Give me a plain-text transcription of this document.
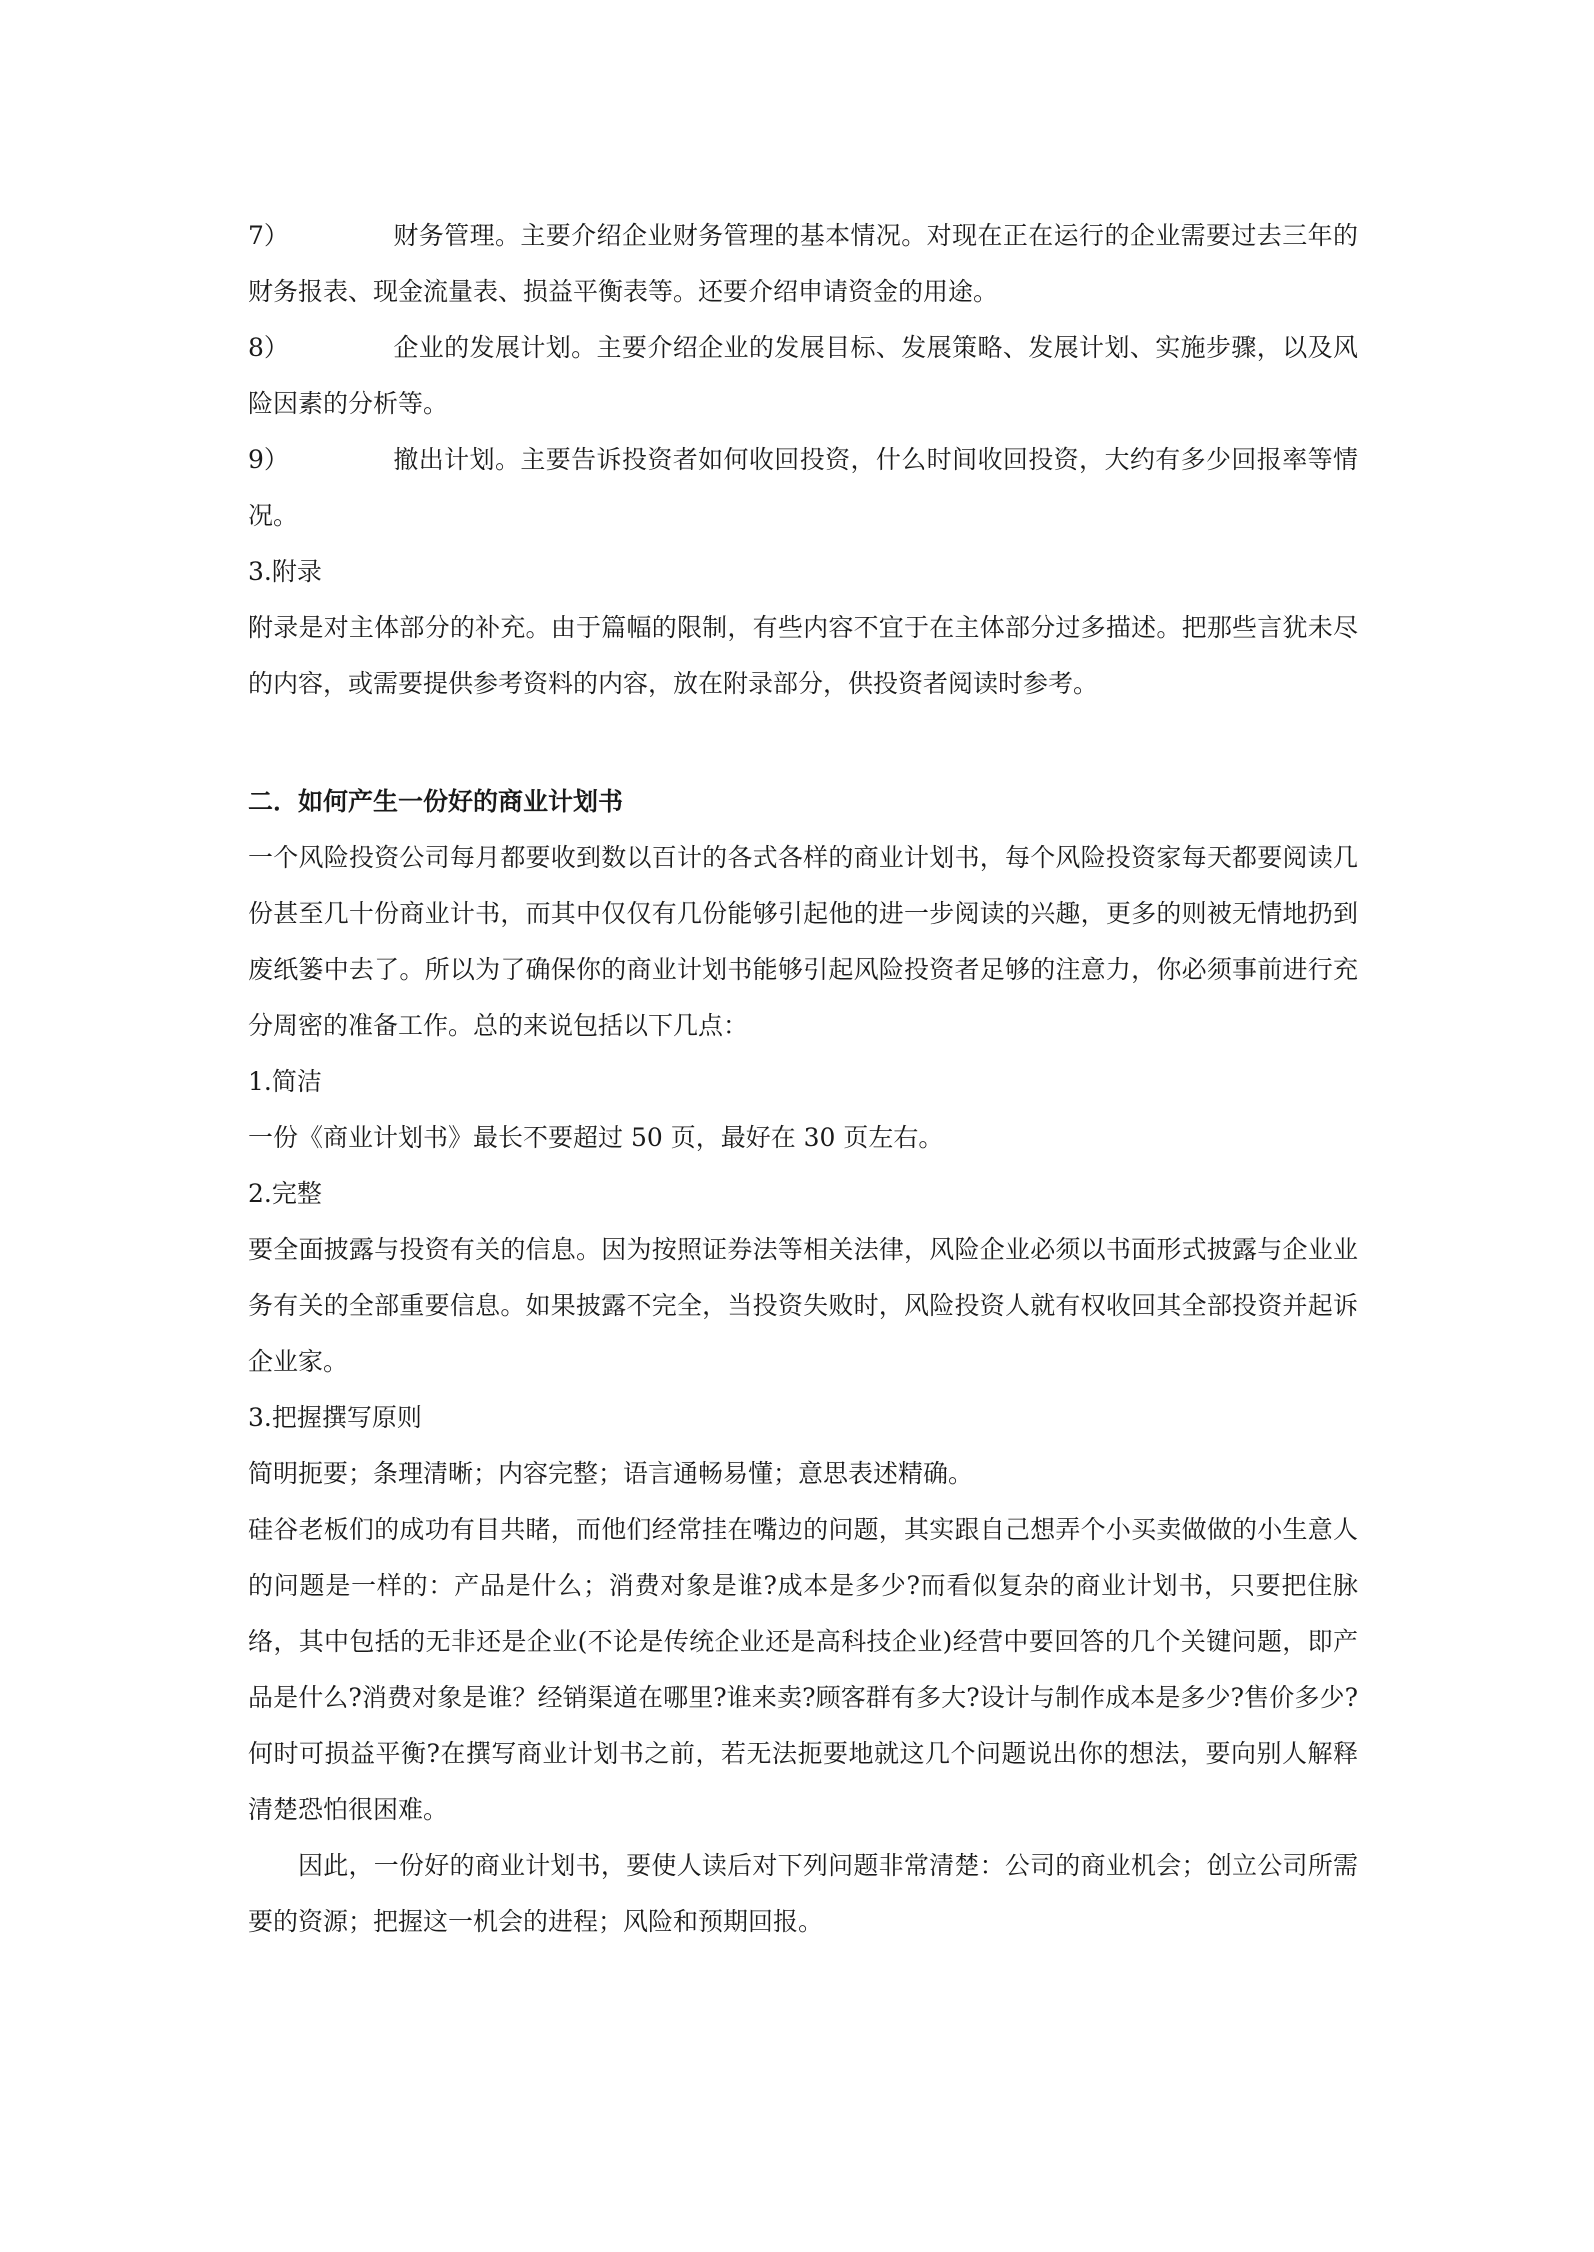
7）	财务管理。主要介绍企业财务管理的基本情况。对现在正在运行的企业需要过去三年的财务报表、现金流量表、损益平衡表等。还要介绍申请资金的用途。

8）	企业的发展计划。主要介绍企业的发展目标、发展策略、发展计划、实施步骤，以及风险因素的分析等。

9）	撤出计划。主要告诉投资者如何收回投资，什么时间收回投资，大约有多少回报率等情况。

3.附录

附录是对主体部分的补充。由于篇幅的限制，有些内容不宜于在主体部分过多描述。把那些言犹未尽的内容，或需要提供参考资料的内容，放在附录部分，供投资者阅读时参考。

二．如何产生一份好的商业计划书

一个风险投资公司每月都要收到数以百计的各式各样的商业计划书，每个风险投资家每天都要阅读几份甚至几十份商业计书，而其中仅仅有几份能够引起他的进一步阅读的兴趣，更多的则被无情地扔到废纸篓中去了。所以为了确保你的商业计划书能够引起风险投资者足够的注意力，你必须事前进行充分周密的准备工作。总的来说包括以下几点：

1.简洁

一份《商业计划书》最长不要超过 50 页，最好在 30 页左右。

2.完整

要全面披露与投资有关的信息。因为按照证券法等相关法律，风险企业必须以书面形式披露与企业业务有关的全部重要信息。如果披露不完全，当投资失败时，风险投资人就有权收回其全部投资并起诉企业家。

3.把握撰写原则

简明扼要；条理清晰；内容完整；语言通畅易懂；意思表述精确。

硅谷老板们的成功有目共睹，而他们经常挂在嘴边的问题，其实跟自己想弄个小买卖做做的小生意人的问题是一样的：产品是什么；消费对象是谁?成本是多少?而看似复杂的商业计划书，只要把住脉络，其中包括的无非还是企业(不论是传统企业还是高科技企业)经营中要回答的几个关键问题，即产品是什么?消费对象是谁？经销渠道在哪里?谁来卖?顾客群有多大?设计与制作成本是多少?售价多少?何时可损益平衡?在撰写商业计划书之前，若无法扼要地就这几个问题说出你的想法，要向别人解释清楚恐怕很困难。

因此，一份好的商业计划书，要使人读后对下列问题非常清楚：公司的商业机会；创立公司所需要的资源；把握这一机会的进程；风险和预期回报。
